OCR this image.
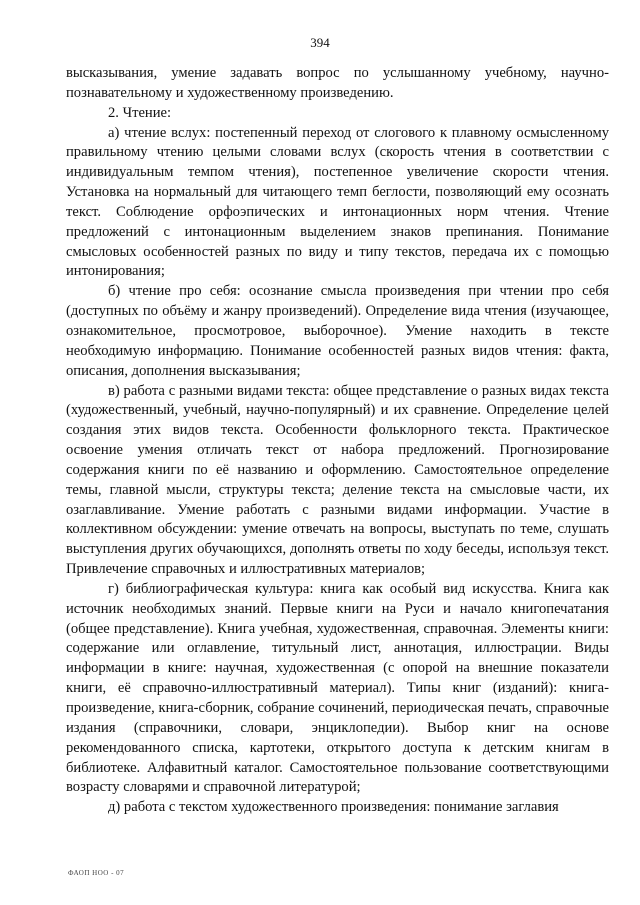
394

высказывания, умение задавать вопрос по услышанному учебному, научно-познавательному и художественному произведению.

2. Чтение:

а) чтение вслух: постепенный переход от слогового к плавному осмысленному правильному чтению целыми словами вслух (скорость чтения в соответствии с индивидуальным темпом чтения), постепенное увеличение скорости чтения. Установка на нормальный для читающего темп беглости, позволяющий ему осознать текст. Соблюдение орфоэпических и интонационных норм чтения. Чтение предложений с интонационным выделением знаков препинания. Понимание смысловых особенностей разных по виду и типу текстов, передача их с помощью интонирования;

б) чтение про себя: осознание смысла произведения при чтении про себя (доступных по объёму и жанру произведений). Определение вида чтения (изучающее, ознакомительное, просмотровое, выборочное). Умение находить в тексте необходимую информацию. Понимание особенностей разных видов чтения: факта, описания, дополнения высказывания;

в) работа с разными видами текста: общее представление о разных видах текста (художественный, учебный, научно-популярный) и их сравнение. Определение целей создания этих видов текста. Особенности фольклорного текста. Практическое освоение умения отличать текст от набора предложений. Прогнозирование содержания книги по её названию и оформлению. Самостоятельное определение темы, главной мысли, структуры текста; деление текста на смысловые части, их озаглавливание. Умение работать с разными видами информации. Участие в коллективном обсуждении: умение отвечать на вопросы, выступать по теме, слушать выступления других обучающихся, дополнять ответы по ходу беседы, используя текст. Привлечение справочных и иллюстративных материалов;

г) библиографическая культура: книга как особый вид искусства. Книга как источник необходимых знаний. Первые книги на Руси и начало книгопечатания (общее представление). Книга учебная, художественная, справочная. Элементы книги: содержание или оглавление, титульный лист, аннотация, иллюстрации. Виды информации в книге: научная, художественная (с опорой на внешние показатели книги, её справочно-иллюстративный материал). Типы книг (изданий): книга-произведение, книга-сборник, собрание сочинений, периодическая печать, справочные издания (справочники, словари, энциклопедии). Выбор книг на основе рекомендованного списка, картотеки, открытого доступа к детским книгам в библиотеке. Алфавитный каталог. Самостоятельное пользование соответствующими возрасту словарями и справочной литературой;

д) работа с текстом художественного произведения: понимание заглавия

ФАОП НОО - 07
